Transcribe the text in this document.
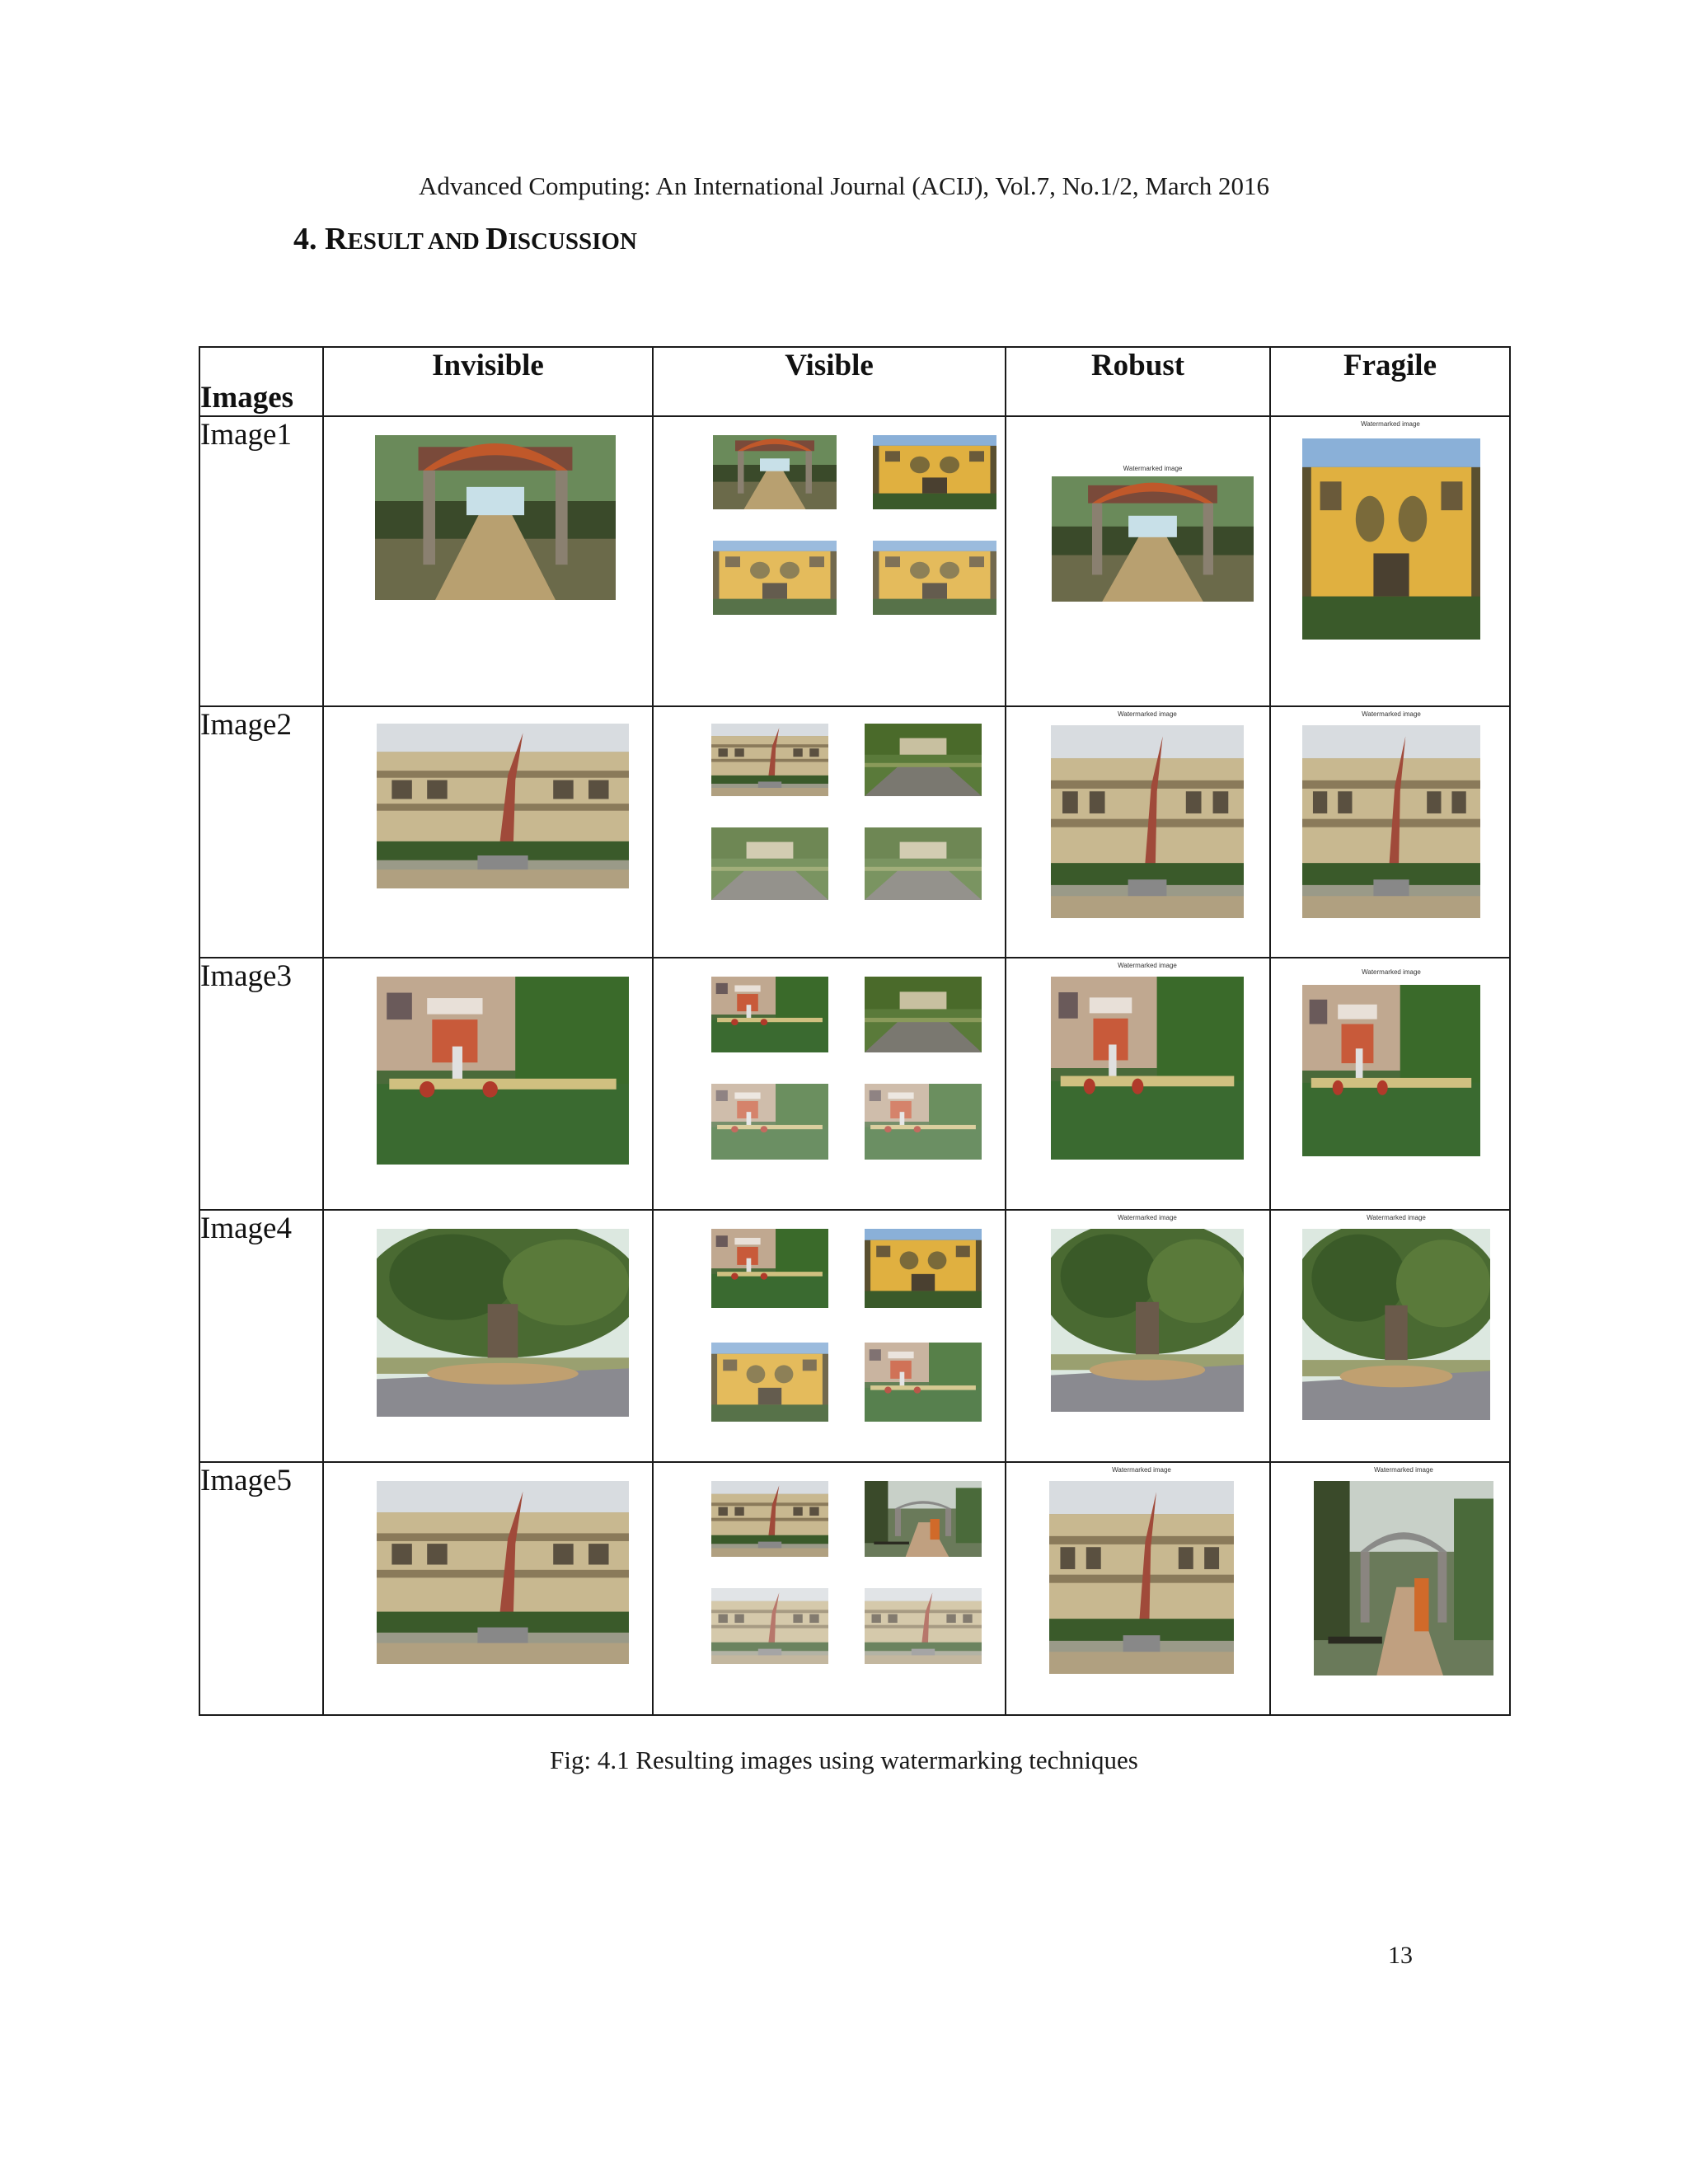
Advanced Computing: An International Journal (ACIJ), Vol.7, No.1/2, March 2016
4. RESULT AND DISCUSSION
Images	Invisible	Visible	Robust	Fragile
Image1			Watermarked image	Watermarked image

Image2			Watermarked image	Watermarked image

Image3			Watermarked image	Watermarked image

Image4			Watermarked image	Watermarked image

Image5			Watermarked image	Watermarked image
Fig: 4.1 Resulting images using watermarking techniques
13
